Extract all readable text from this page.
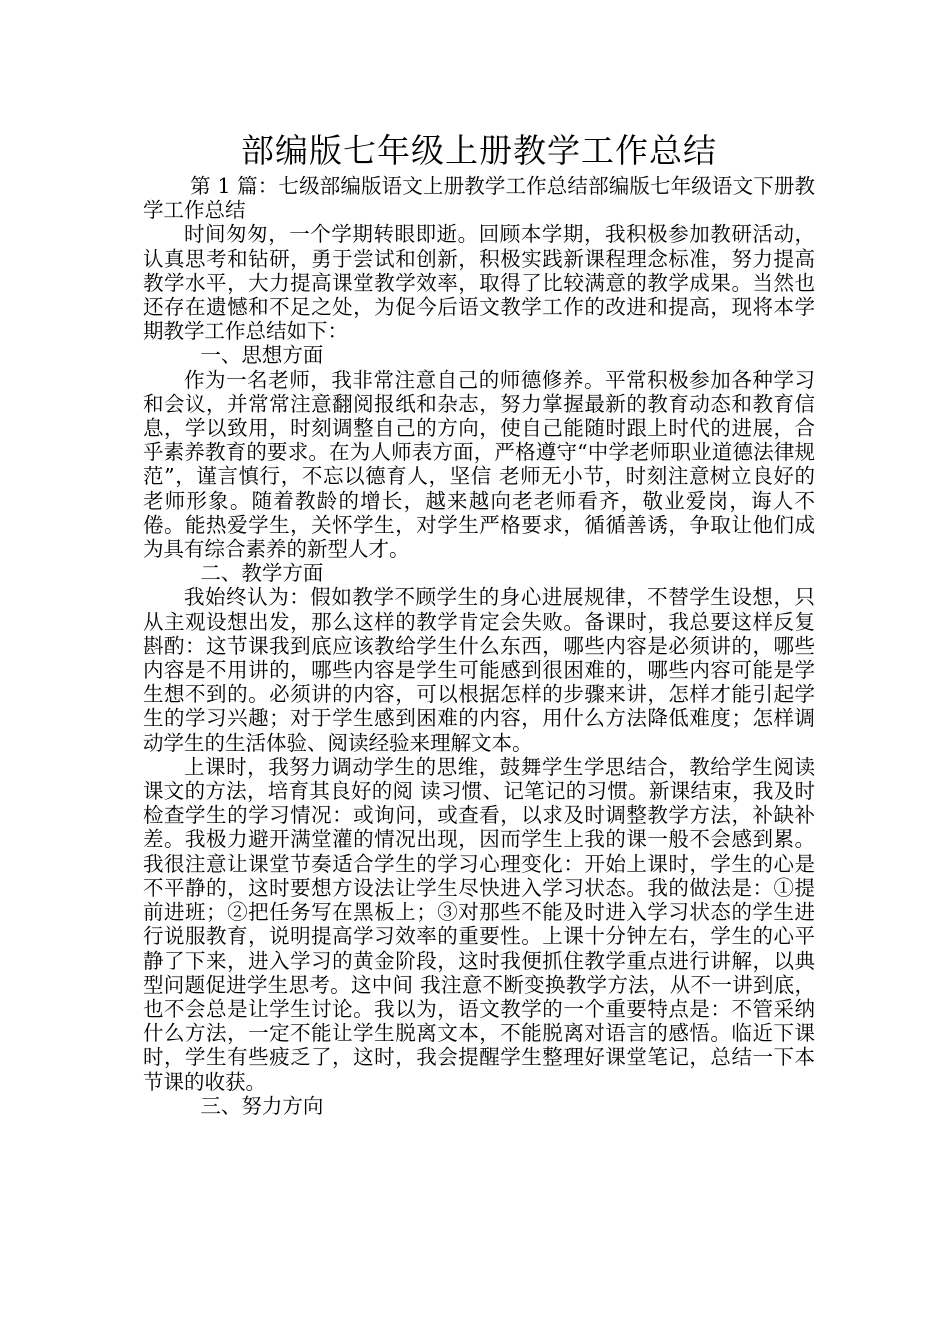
部编版七年级上册教学工作总结

第 1 篇：七级部编版语文上册教学工作总结部编版七年级语文下册教学工作总结

时间匆匆，一个学期转眼即逝。回顾本学期，我积极参加教研活动，认真思考和钻研，勇于尝试和创新，积极实践新课程理念标准，努力提高教学水平，大力提高课堂教学效率，取得了比较满意的教学成果。当然也还存在遗憾和不足之处，为促今后语文教学工作的改进和提高，现将本学期教学工作总结如下：

一、思想方面

作为一名老师，我非常注意自己的师德修养。平常积极参加各种学习和会议，并常常注意翻阅报纸和杂志，努力掌握最新的教育动态和教育信息，学以致用，时刻调整自己的方向，使自己能随时跟上时代的进展，合乎素养教育的要求。在为人师表方面，严格遵守“中学老师职业道德法律规范”，谨言慎行，不忘以德育人，坚信 老师无小节，时刻注意树立良好的老师形象。随着教龄的增长，越来越向老老师看齐，敬业爱岗，诲人不倦。能热爱学生，关怀学生，对学生严格要求，循循善诱，争取让他们成为具有综合素养的新型人才。

二、教学方面

我始终认为：假如教学不顾学生的身心进展规律，不替学生设想，只从主观设想出发，那么这样的教学肯定会失败。备课时，我总要这样反复斟酌：这节课我到底应该教给学生什么东西，哪些内容是必须讲的，哪些内容是不用讲的，哪些内容是学生可能感到很困难的，哪些内容可能是学生想不到的。必须讲的内容，可以根据怎样的步骤来讲，怎样才能引起学生的学习兴趣；对于学生感到困难的内容，用什么方法降低难度；怎样调动学生的生活体验、阅读经验来理解文本。

上课时，我努力调动学生的思维，鼓舞学生学思结合，教给学生阅读课文的方法，培育其良好的阅 读习惯、记笔记的习惯。新课结束，我及时检查学生的学习情况：或询问，或查看，以求及时调整教学方法，补缺补差。我极力避开满堂灌的情况出现，因而学生上我的课一般不会感到累。我很注意让课堂节奏适合学生的学习心理变化：开始上课时，学生的心是不平静的，这时要想方设法让学生尽快进入学习状态。我的做法是：①提前进班；②把任务写在黑板上；③对那些不能及时进入学习状态的学生进行说服教育，说明提高学习效率的重要性。上课十分钟左右，学生的心平静了下来，进入学习的黄金阶段，这时我便抓住教学重点进行讲解，以典型问题促进学生思考。这中间 我注意不断变换教学方法，从不一讲到底，也不会总是让学生讨论。我以为，语文教学的一个重要特点是：不管采纳什么方法，一定不能让学生脱离文本，不能脱离对语言的感悟。临近下课时，学生有些疲乏了，这时，我会提醒学生整理好课堂笔记，总结一下本节课的收获。

三、努力方向
